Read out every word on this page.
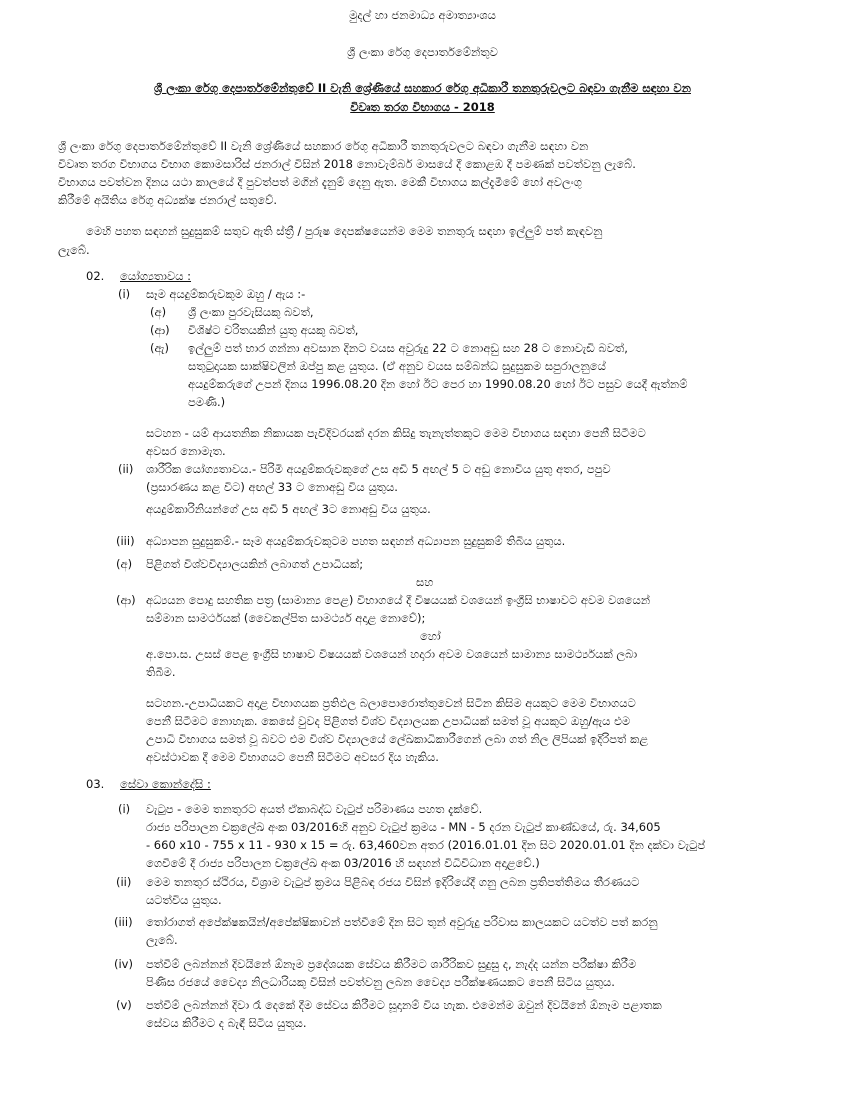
මුදල් හා ජනමාධ්‍ය අමාත්‍යාංශය
ශ්‍රී ලංකා රේගු දෙපාර්තමේන්තුව
ශ්‍රී ලංකා රේගු දෙපාර්තමේන්තුවේ II වැනි ශ්‍රේණියේ සහකාර රේගු අධිකාරී තනතුරුවලට බඳවා ගැනීම සඳහා වන
විවෘත තරග විභාගය - 2018
ශ්‍රී ලංකා රේගු දෙපාර්තමේන්තුවේ II වැනි ශ්‍රේණියේ සහකාර රේගු අධිකාරී තනතුරුවලට බඳවා ගැනීම සඳහා වන
විවෘත තරග විභාගය විභාග කොමසාරිස් ජනරාල් විසින් 2018 නොවැම්බර් මාසයේ දී කොළඹ දී පමණක් පවත්වනු ලැබේ.
විභාගය පවත්වන දිනය යථා කාලයේ දී පුවත්පත් මගින් දැනුම් දෙනු ඇත. මෙකී විභාගය කල්දැමීමේ හෝ අවලංගු
කිරීමේ අයිතිය රේගු අධ්‍යක්ෂ ජනරාල් සතුවේ.
මෙහි පහත සඳහන් සුදුසුකම් සතුව ඇති ස්ත්‍රී / පුරුෂ දෙපක්ෂයෙන්ම මෙම තනතුරු සඳහා ඉල්ලුම් පත් කැඳවනු
ලැබේ.
02. යෝග්‍යතාවය :
(i) සෑම අයදුම්කරුවකුම ඔහු / ඇය :-
(අ) ශ්‍රී ලංකා පුරවැසියකු බවත්,
(ආ) විශිෂ්ට චරිතයකින් යුතු අයකු බවත්,
(ඇ) ඉල්ලුම් පත් භාර ගන්නා අවසාන දිනට වයස අවුරුදු 22 ට නොඅඩු සහ 28 ට නොවැඩි බවත්,
සතුටුදායක සාක්ෂිවලින් ඔප්පු කළ යුතුය. (ඒ අනුව වයස සම්බන්ධ සුදුසුකම සපුරාලනුයේ
අයදුම්කරුගේ උපන් දිනය 1996.08.20 දින හෝ ඊට පෙර හා 1990.08.20 හෝ ඊට පසුව යෙදී ඇත්නම්
පමණි.)
සටහන - යම් ආයතනික නිකායක පැවිදිවරයක් දරන කිසිදු තැනැත්තකුට මෙම විභාගය සඳහා පෙනී සිටීමට
අවසර නොමැත.
(ii) ශාරීරික යෝග්‍යතාවය.- පිරිමි අයදුම්කරුවකුගේ උස අඩි 5 අඟල් 5 ට අඩු නොවිය යුතු අතර, පපුව
(ප්‍රසාරණය කළ විට) අඟල් 33 ට නොඅඩු විය යුතුය.
අයදුම්කාරිනියන්ගේ උස අඩි 5 අඟල් 3ට නොඅඩු විය යුතුය.
(iii) අධ්‍යාපන සුදුසුකම්.- සෑම අයදුම්කරුවකුටම පහත සඳහන් අධ්‍යාපන සුදුසුකම් තිබිය යුතුය.
(අ) පිළිගත් විශ්වවිද්‍යාලයකින් ලබාගත් උපාධියක්;
සහ
(ආ) අධ්‍යයන පොදු සහතික පත්‍ර (සාමාන්‍ය පෙළ) විභාගයේ දී විෂයයක් වශයෙන් ඉංග්‍රීසි භාෂාවට අවම වශයෙන්
සම්මාන සාමර්ථයක් (වෛකල්පිත සාමර්ථ්‍ය අදාළ නොවේ);
හෝ
අ.පො.ස. උසස් පෙළ ඉංග්‍රීසි භාෂාව විෂයයක් වශයෙන් හදාරා අවම වශයෙන් සාමාන්‍ය සාමර්ථ්‍යයක් ලබා
තිබීම.
සටහන.-උපාධියකට අදාළ විභාගයක ප්‍රතිඵල බලාපොරොත්තුවෙන් සිටින කිසිම අයකුට මෙම විභාගයට
පෙනී සිටීමට නොහැක. කෙසේ වුවද පිළිගත් විශ්ව විද්‍යාලයක උපාධියක් සමත් වූ අයකුට ඔහු/ඇය එම
උපාධි විභාගය සමත් වූ බවට එම විශ්ව විද්‍යාලයේ ලේඛකාධිකාරීගෙන් ලබා ගත් නිල ලිපියක් ඉදිරිපත් කළ
අවස්ථාවක දී මෙම විභාගයට පෙනී සිටීමට අවසර දිය හැකිය.
03. සේවා කොන්දේසි :
(i) වැටුප - මෙම තනතුරට අයත් ඒකාබද්ධ වැටුප් පරිමාණය පහත දැක්වේ.
රාජ්‍ය පරිපාලන චක්‍රලේඛ අංක 03/2016හි අනුව වැටුප් ක්‍රමය - MN - 5 දරන වැටුප් කාණ්ඩයේ, රු. 34,605
- 660 x10 - 755 x 11 - 930 x 15 = රු. 63,460වන අතර (2016.01.01 දින සිට 2020.01.01 දින දක්වා වැටුප්
ගෙවීමේ දී රාජ්‍ය පරිපාලන චක්‍රලේඛ අංක 03/2016 හි සඳහන් විධිවිධාන අදාළවේ.)
(ii) මෙම තනතුර ස්ථිරය, විශ්‍රාම වැටුප් ක්‍රමය පිළිබඳ රජය විසින් ඉදිරියේදී ගනු ලබන ප්‍රතිපත්තිමය තීරණයට
යටත්විය යුතුය.
(iii) තෝරාගත් අපේක්ෂකයින්/අපේක්ෂිකාවන් පත්වීමේ දින සිට තුන් අවුරුදු පරිවාස කාලයකට යටත්ව පත් කරනු
ලැබේ.
(iv) පත්වීම් ලබන්නන් දිවයිනේ ඕනෑම ප්‍රදේශයක සේවය කිරීමට ශාරීරිකව සුදුසු ද, නැද්ද යන්න පරීක්ෂා කිරීම
පිණිස රජයේ වෛද්‍ය නිලධාරියකු විසින් පවත්වනු ලබන වෛද්‍ය පරීක්ෂණයකට පෙනී සිටිය යුතුය.
(v) පත්වීම් ලබන්නන් දිවා රෑ දෙකේ දීම සේවය කිරීමට සූදානම් විය හැක. එමෙන්ම ඔවුන් දිවයිනේ ඕනෑම පළාතක
සේවය කිරීමට ද බැඳී සිටිය යුතුය.
